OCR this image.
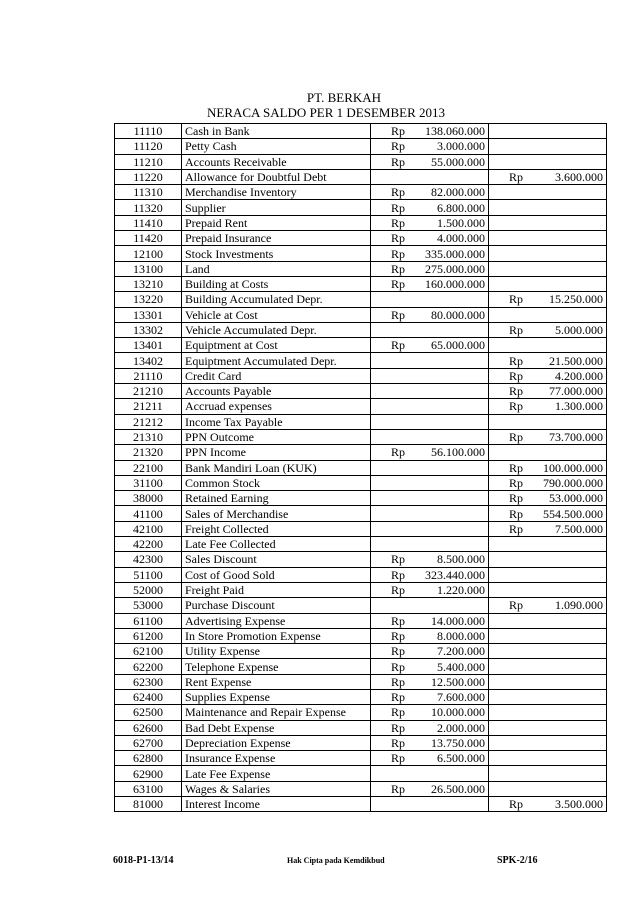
PT. BERKAH
NERACA SALDO PER 1 DESEMBER 2013
11110	Cash in Bank	Rp 138.060.000	

11120	Petty Cash	Rp 3.000.000	

11210	Accounts Receivable	Rp 55.000.000	

11220	Allowance for Doubtful Debt		Rp 3.600.000

11310	Merchandise Inventory	Rp 82.000.000	

11320	Supplier	Rp 6.800.000	

11410	Prepaid Rent	Rp 1.500.000	

11420	Prepaid Insurance	Rp 4.000.000	

12100	Stock Investments	Rp 335.000.000	

13100	Land	Rp 275.000.000	

13210	Building at Costs	Rp 160.000.000	

13220	Building Accumulated Depr.		Rp 15.250.000

13301	Vehicle at Cost	Rp 80.000.000	

13302	Vehicle Accumulated Depr.		Rp 5.000.000

13401	Equiptment at Cost	Rp 65.000.000	

13402	Equiptment Accumulated Depr.		Rp 21.500.000

21110	Credit Card		Rp 4.200.000

21210	Accounts Payable		Rp 77.000.000

21211	Accruad expenses		Rp 1.300.000

21212	Income Tax Payable		
21310	PPN Outcome		Rp 73.700.000

21320	PPN Income	Rp 56.100.000	

22100	Bank Mandiri Loan (KUK)		Rp 100.000.000

31100	Common Stock		Rp 790.000.000

38000	Retained Earning		Rp 53.000.000

41100	Sales of Merchandise		Rp 554.500.000

42100	Freight Collected		Rp 7.500.000

42200	Late Fee Collected		
42300	Sales Discount	Rp 8.500.000	

51100	Cost of Good Sold	Rp 323.440.000	

52000	Freight Paid	Rp 1.220.000	

53000	Purchase Discount		Rp 1.090.000

61100	Advertising Expense	Rp 14.000.000	

61200	In Store Promotion Expense	Rp 8.000.000	

62100	Utility Expense	Rp 7.200.000	

62200	Telephone Expense	Rp 5.400.000	

62300	Rent Expense	Rp 12.500.000	

62400	Supplies Expense	Rp 7.600.000	

62500	Maintenance and Repair Expense	Rp 10.000.000	

62600	Bad Debt Expense	Rp 2.000.000	

62700	Depreciation Expense	Rp 13.750.000	

62800	Insurance Expense	Rp 6.500.000	

62900	Late Fee Expense		
63100	Wages & Salaries	Rp 26.500.000	

81000	Interest Income		Rp 3.500.000
6018-P1-13/14	Hak Cipta pada Kemdikbud	SPK-2/16
